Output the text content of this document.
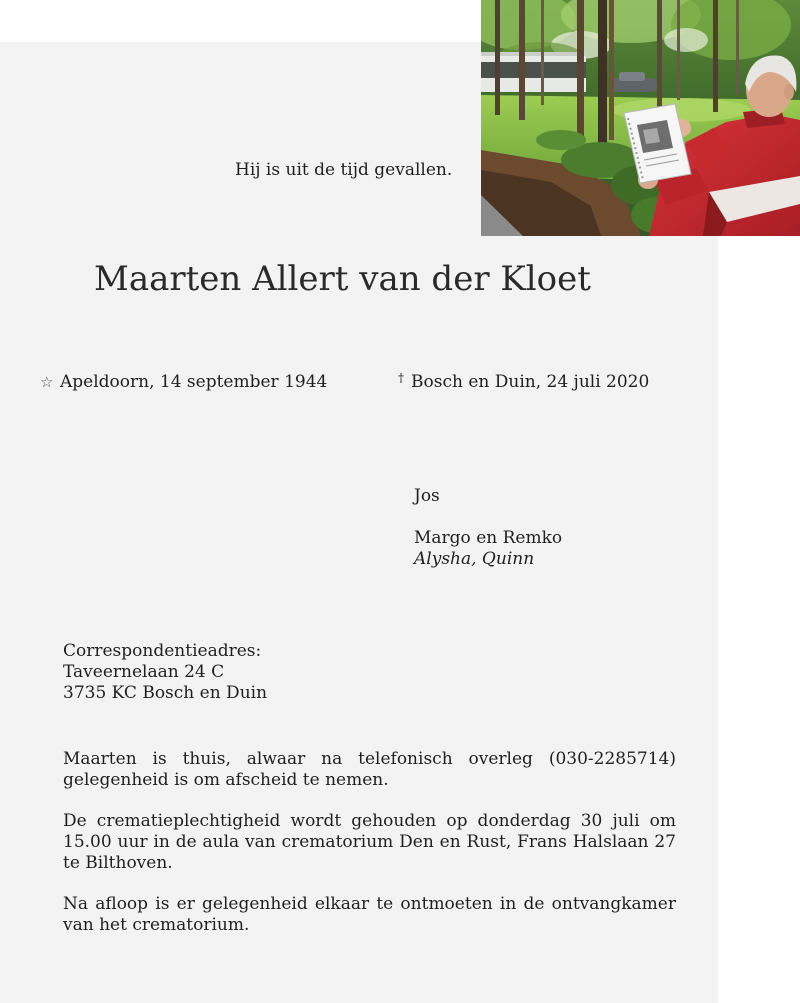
Hij is uit de tijd gevallen.
Maarten Allert van der Kloet
☆ Apeldoorn, 14 september 1944	† Bosch en Duin, 24 juli 2020
Jos
Margo en Remko
Alysha, Quinn
Correspondentieadres:
Taveernelaan 24 C
3735 KC Bosch en Duin
Maarten is thuis, alwaar na telefonisch overleg (030-2285714)
gelegenheid is om afscheid te nemen.
De crematieplechtigheid wordt gehouden op donderdag 30 juli om
15.00 uur in de aula van crematorium Den en Rust, Frans Halslaan 27
te Bilthoven.
Na afloop is er gelegenheid elkaar te ontmoeten in de ontvangkamer
van het crematorium.
